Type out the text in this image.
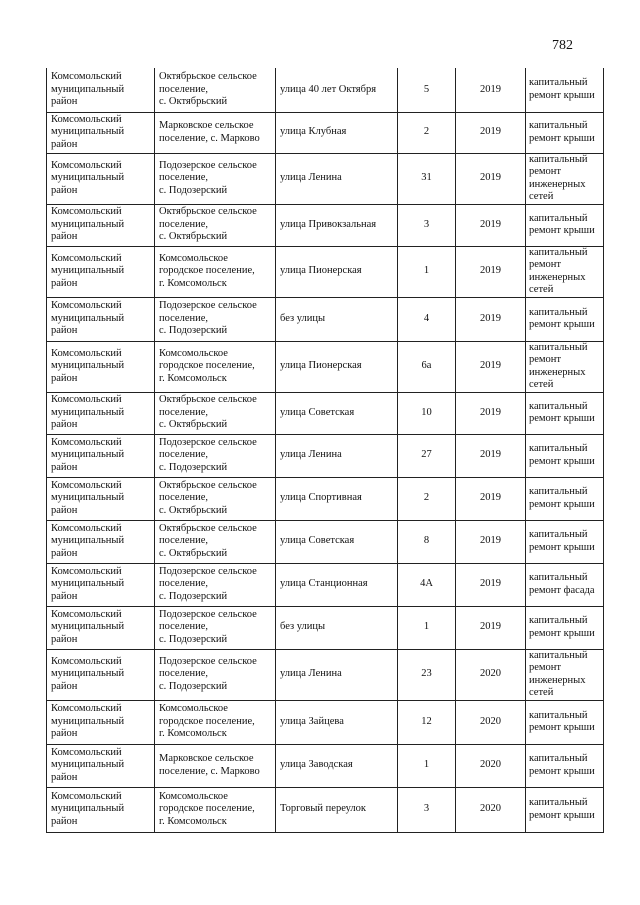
782
Комсомольский
муниципальный
район	Октябрьское сельское
поселение,
с. Октябрьский	улица 40 лет Октября	5	2019	капитальный
ремонт крыши
Комсомольский
муниципальный
район	Марковское сельское
поселение, с. Марково	улица Клубная	2	2019	капитальный
ремонт крыши
Комсомольский
муниципальный
район	Подозерское сельское
поселение,
с. Подозерский	улица Ленина	31	2019	капитальный
ремонт
инженерных
сетей
Комсомольский
муниципальный
район	Октябрьское сельское
поселение,
с. Октябрьский	улица Привокзальная	3	2019	капитальный
ремонт крыши
Комсомольский
муниципальный
район	Комсомольское
городское поселение,
г. Комсомольск	улица Пионерская	1	2019	капитальный
ремонт
инженерных
сетей
Комсомольский
муниципальный
район	Подозерское сельское
поселение,
с. Подозерский	без улицы	4	2019	капитальный
ремонт крыши
Комсомольский
муниципальный
район	Комсомольское
городское поселение,
г. Комсомольск	улица Пионерская	6а	2019	капитальный
ремонт
инженерных
сетей
Комсомольский
муниципальный
район	Октябрьское сельское
поселение,
с. Октябрьский	улица Советская	10	2019	капитальный
ремонт крыши
Комсомольский
муниципальный
район	Подозерское сельское
поселение,
с. Подозерский	улица Ленина	27	2019	капитальный
ремонт крыши
Комсомольский
муниципальный
район	Октябрьское сельское
поселение,
с. Октябрьский	улица Спортивная	2	2019	капитальный
ремонт крыши
Комсомольский
муниципальный
район	Октябрьское сельское
поселение,
с. Октябрьский	улица Советская	8	2019	капитальный
ремонт крыши
Комсомольский
муниципальный
район	Подозерское сельское
поселение,
с. Подозерский	улица Станционная	4А	2019	капитальный
ремонт фасада
Комсомольский
муниципальный
район	Подозерское сельское
поселение,
с. Подозерский	без улицы	1	2019	капитальный
ремонт крыши
Комсомольский
муниципальный
район	Подозерское сельское
поселение,
с. Подозерский	улица Ленина	23	2020	капитальный
ремонт
инженерных
сетей
Комсомольский
муниципальный
район	Комсомольское
городское поселение,
г. Комсомольск	улица Зайцева	12	2020	капитальный
ремонт крыши
Комсомольский
муниципальный
район	Марковское сельское
поселение, с. Марково	улица Заводская	1	2020	капитальный
ремонт крыши
Комсомольский
муниципальный
район	Комсомольское
городское поселение,
г. Комсомольск	Торговый переулок	3	2020	капитальный
ремонт крыши
